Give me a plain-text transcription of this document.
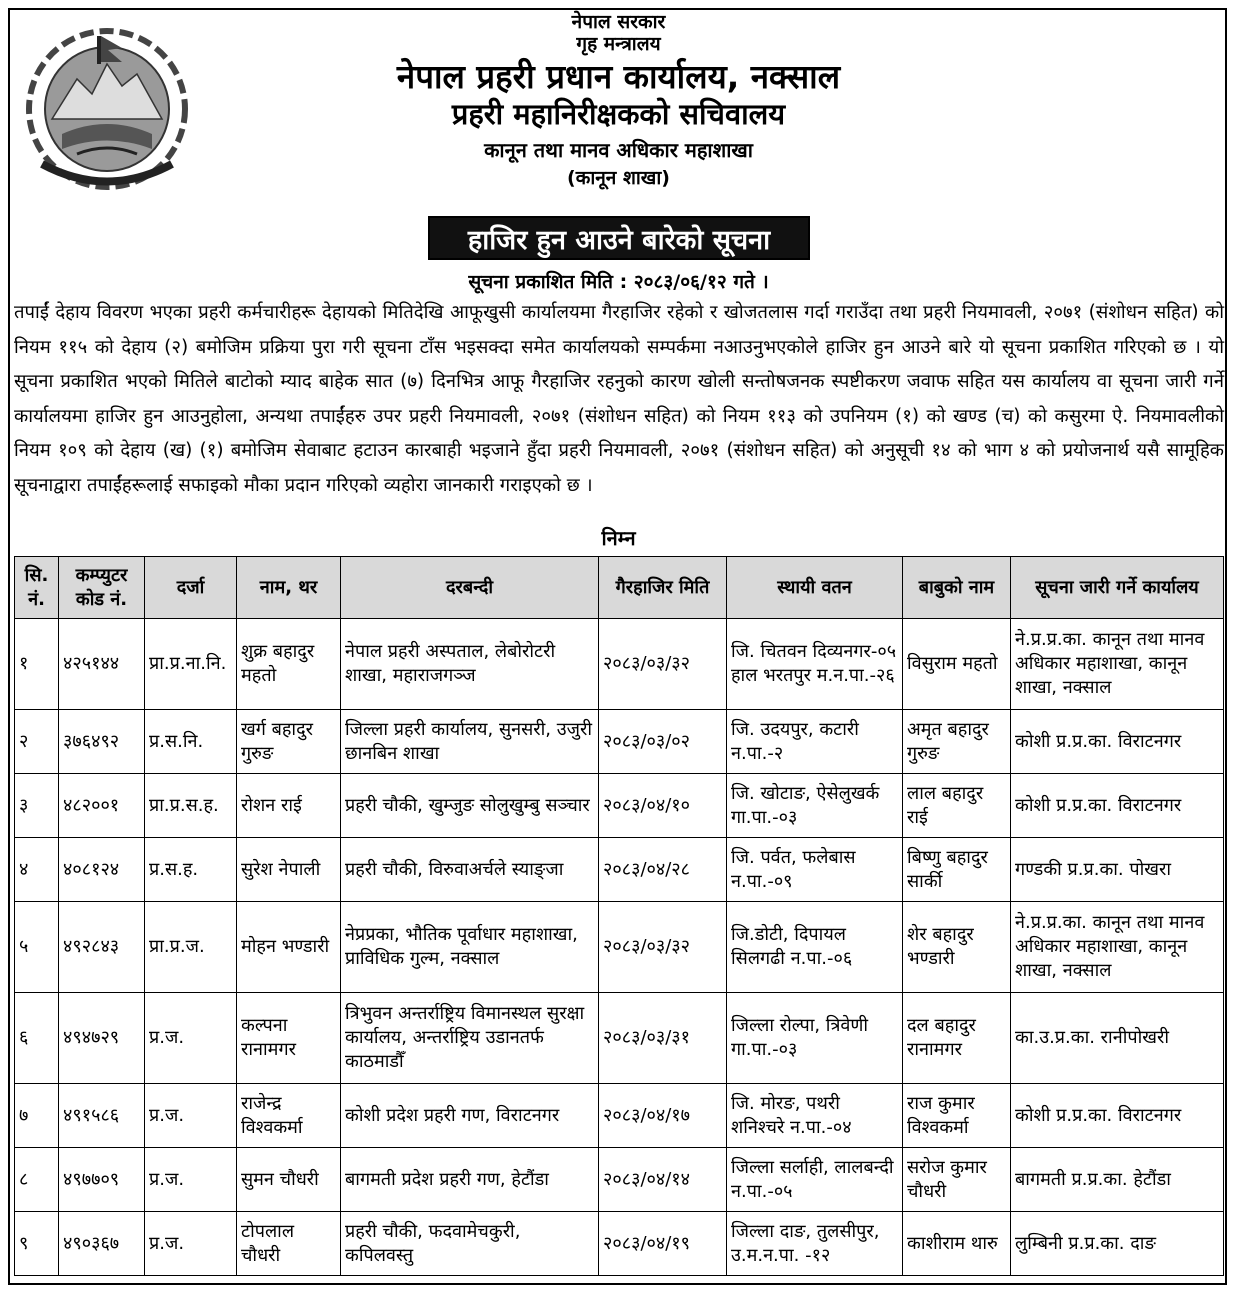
नेपाल सरकार
गृह मन्त्रालय
नेपाल प्रहरी प्रधान कार्यालय, नक्साल
प्रहरी महानिरीक्षकको सचिवालय
कानून तथा मानव अधिकार महाशाखा
(कानून शाखा)
हाजिर हुन आउने बारेको सूचना
सूचना प्रकाशित मिति : २०८३/०६/१२ गते ।
तपाईं देहाय विवरण भएका प्रहरी कर्मचारीहरू देहायको मितिदेखि आफूखुसी कार्यालयमा गैरहाजिर रहेको र खोजतलास गर्दा गराउँदा तथा प्रहरी नियमावली, २०७१ (संशोधन सहित) को नियम ११५ को देहाय (२) बमोजिम प्रक्रिया पुरा गरी सूचना टाँस भइसक्दा समेत कार्यालयको सम्पर्कमा नआउनुभएकोले हाजिर हुन आउने बारे यो सूचना प्रकाशित गरिएको छ । यो सूचना प्रकाशित भएको मितिले बाटोको म्याद बाहेक सात (७) दिनभित्र आफू गैरहाजिर रहनुको कारण खोली सन्तोषजनक स्पष्टीकरण जवाफ सहित यस कार्यालय वा सूचना जारी गर्ने कार्यालयमा हाजिर हुन आउनुहोला, अन्यथा तपाईंहरु उपर प्रहरी नियमावली, २०७१ (संशोधन सहित) को नियम ११३ को उपनियम (१) को खण्ड (च) को कसुरमा ऐ. नियमावलीको नियम १०९ को देहाय (ख) (१) बमोजिम सेवाबाट हटाउन कारबाही भइजाने हुँदा प्रहरी नियमावली, २०७१ (संशोधन सहित) को अनुसूची १४ को भाग ४ को प्रयोजनार्थ यसै सामूहिक सूचनाद्वारा तपाईंहरूलाई सफाइको मौका प्रदान गरिएको व्यहोरा जानकारी गराइएको छ ।
निम्न
सि. नं.	कम्प्युटर कोड नं.	दर्जा	नाम, थर	दरबन्दी	गैरहाजिर मिति	स्थायी वतन	बाबुको नाम	सूचना जारी गर्ने कार्यालय
१	४२५१४४	प्रा.प्र.ना.नि.	शुक्र बहादुर महतो	नेपाल प्रहरी अस्पताल, लेबोरोटरी शाखा, महाराजगञ्ज	२०८३/०३/३२	जि. चितवन दिव्यनगर-०५ हाल भरतपुर म.न.पा.-२६	विसुराम महतो	ने.प्र.प्र.का. कानून तथा मानव अधिकार महाशाखा, कानून शाखा, नक्साल
२	३७६४९२	प्र.स.नि.	खर्ग बहादुर गुरुङ	जिल्ला प्रहरी कार्यालय, सुनसरी, उजुरी छानबिन शाखा	२०८३/०३/०२	जि. उदयपुर, कटारी न.पा.-२	अमृत बहादुर गुरुङ	कोशी प्र.प्र.का. विराटनगर
३	४८२००१	प्रा.प्र.स.ह.	रोशन राई	प्रहरी चौकी, खुम्जुङ सोलुखुम्बु सञ्चार	२०८३/०४/१०	जि. खोटाङ, ऐसेलुखर्क गा.पा.-०३	लाल बहादुर राई	कोशी प्र.प्र.का. विराटनगर
४	४०८१२४	प्र.स.ह.	सुरेश नेपाली	प्रहरी चौकी, विरुवाअर्चले स्याङ्जा	२०८३/०४/२८	जि. पर्वत, फलेबास न.पा.-०९	बिष्णु बहादुर सार्की	गण्डकी प्र.प्र.का. पोखरा
५	४९२८४३	प्रा.प्र.ज.	मोहन भण्डारी	नेप्रप्रका, भौतिक पूर्वाधार महाशाखा, प्राविधिक गुल्म, नक्साल	२०८३/०३/३२	जि.डोटी, दिपायल सिलगढी न.पा.-०६	शेर बहादुर भण्डारी	ने.प्र.प्र.का. कानून तथा मानव अधिकार महाशाखा, कानून शाखा, नक्साल
६	४९४७२९	प्र.ज.	कल्पना रानामगर	त्रिभुवन अन्तर्राष्ट्रिय विमानस्थल सुरक्षा कार्यालय, अन्तर्राष्ट्रिय उडानतर्फ काठमाडौँ	२०८३/०३/३१	जिल्ला रोल्पा, त्रिवेणी गा.पा.-०३	दल बहादुर रानामगर	का.उ.प्र.का. रानीपोखरी
७	४९१५८६	प्र.ज.	राजेन्द्र विश्वकर्मा	कोशी प्रदेश प्रहरी गण, विराटनगर	२०८३/०४/१७	जि. मोरङ, पथरी शनिश्चरे न.पा.-०४	राज कुमार विश्वकर्मा	कोशी प्र.प्र.का. विराटनगर
८	४९७७०९	प्र.ज.	सुमन चौधरी	बागमती प्रदेश प्रहरी गण, हेटौंडा	२०८३/०४/१४	जिल्ला सर्लाही, लालबन्दी न.पा.-०५	सरोज कुमार चौधरी	बागमती प्र.प्र.का. हेटौंडा
९	४९०३६७	प्र.ज.	टोपलाल चौधरी	प्रहरी चौकी, फदवामेचकुरी, कपिलवस्तु	२०८३/०४/१९	जिल्ला दाङ, तुलसीपुर, उ.म.न.पा. -१२	काशीराम थारु	लुम्बिनी प्र.प्र.का. दाङ
